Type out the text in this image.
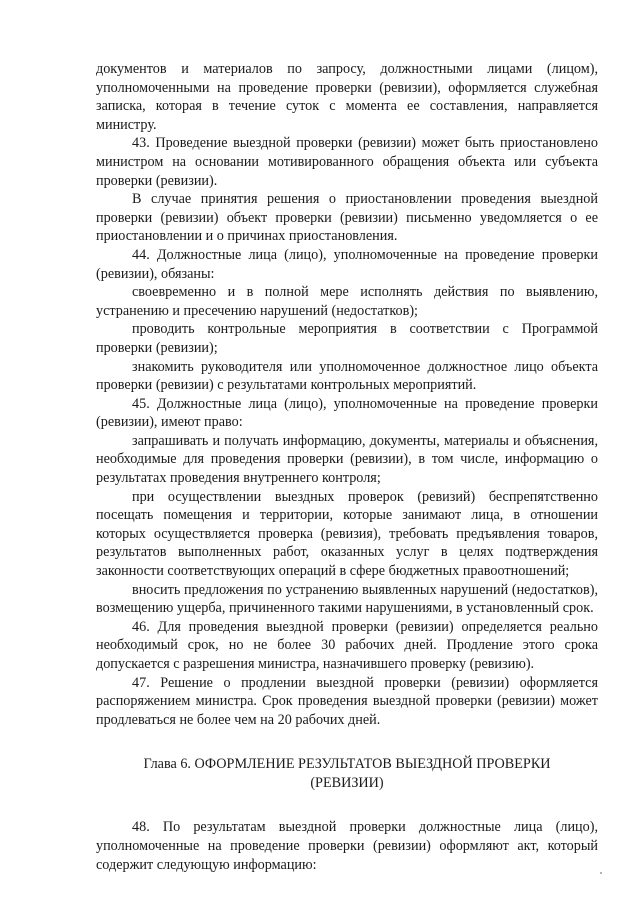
документов и материалов по запросу, должностными лицами (лицом), уполномоченными на проведение проверки (ревизии), оформляется служебная записка, которая в течение суток с момента ее составления, направляется министру.

43. Проведение выездной проверки (ревизии) может быть приостановлено министром на основании мотивированного обращения объекта или субъекта проверки (ревизии).

В случае принятия решения о приостановлении проведения выездной проверки (ревизии) объект проверки (ревизии) письменно уведомляется о ее приостановлении и о причинах приостановления.

44. Должностные лица (лицо), уполномоченные на проведение проверки (ревизии), обязаны:

своевременно и в полной мере исполнять действия по выявлению, устранению и пресечению нарушений (недостатков);

проводить контрольные мероприятия в соответствии с Программой проверки (ревизии);

знакомить руководителя или уполномоченное должностное лицо объекта проверки (ревизии) с результатами контрольных мероприятий.

45. Должностные лица (лицо), уполномоченные на проведение проверки (ревизии), имеют право:

запрашивать и получать информацию, документы, материалы и объяснения, необходимые для проведения проверки (ревизии), в том числе, информацию о результатах проведения внутреннего контроля;

при осуществлении выездных проверок (ревизий) беспрепятственно посещать помещения и территории, которые занимают лица, в отношении которых осуществляется проверка (ревизия), требовать предъявления товаров, результатов выполненных работ, оказанных услуг в целях подтверждения законности соответствующих операций в сфере бюджетных правоотношений;

вносить предложения по устранению выявленных нарушений (недостатков), возмещению ущерба, причиненного такими нарушениями, в установленный срок.

46. Для проведения выездной проверки (ревизии) определяется реально необходимый срок, но не более 30 рабочих дней. Продление этого срока допускается с разрешения министра, назначившего проверку (ревизию).

47. Решение о продлении выездной проверки (ревизии) оформляется распоряжением министра. Срок проведения выездной проверки (ревизии) может продлеваться не более чем на 20 рабочих дней.

Глава 6. ОФОРМЛЕНИЕ РЕЗУЛЬТАТОВ ВЫЕЗДНОЙ ПРОВЕРКИ
(РЕВИЗИИ)

48. По результатам выездной проверки должностные лица (лицо), уполномоченные на проведение проверки (ревизии) оформляют акт, который содержит следующую информацию:
